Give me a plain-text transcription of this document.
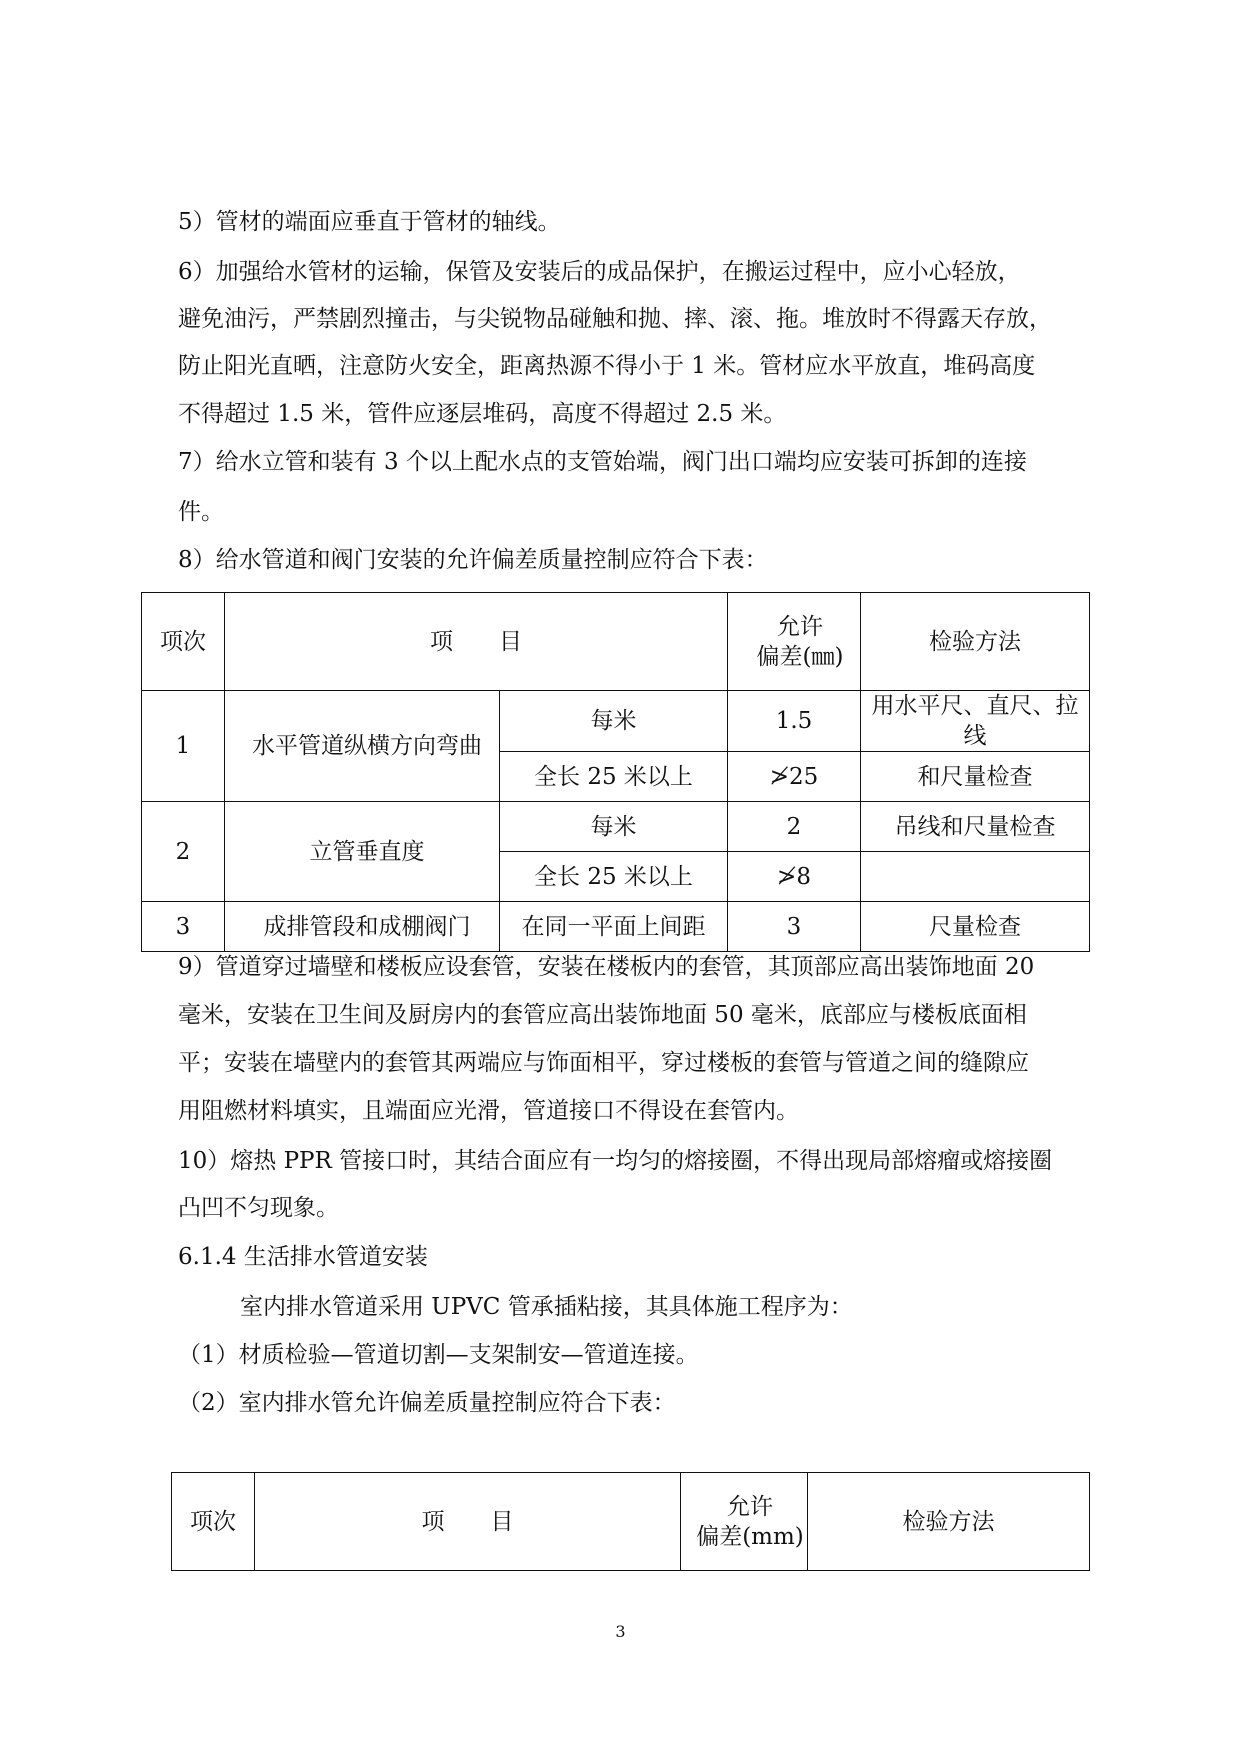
5）管材的端面应垂直于管材的轴线。
6）加强给水管材的运输，保管及安装后的成品保护，在搬运过程中，应小心轻放，
避免油污，严禁剧烈撞击，与尖锐物品碰触和抛、摔、滚、拖。堆放时不得露天存放，
防止阳光直晒，注意防火安全，距离热源不得小于 1 米。管材应水平放直，堆码高度
不得超过 1.5 米，管件应逐层堆码，高度不得超过 2.5 米。
7）给水立管和装有 3 个以上配水点的支管始端，阀门出口端均应安装可拆卸的连接
件。
8）给水管道和阀门安装的允许偏差质量控制应符合下表：
项次	项　　目		允许
偏差(㎜)	检验方法
1	水平管道纵横方向弯曲	每米	1.5	用水平尺、直尺、拉线
		全长 25 米以上	≯25	和尺量检查
2	立管垂直度	每米	2	吊线和尺量检查
		全长 25 米以上	≯8	
3	成排管段和成棚阀门	在同一平面上间距	3	尺量检查
9）管道穿过墙壁和楼板应设套管，安装在楼板内的套管，其顶部应高出装饰地面 20
毫米，安装在卫生间及厨房内的套管应高出装饰地面 50 毫米，底部应与楼板底面相
平；安装在墙壁内的套管其两端应与饰面相平，穿过楼板的套管与管道之间的缝隙应
用阻燃材料填实，且端面应光滑，管道接口不得设在套管内。
10）熔热 PPR 管接口时，其结合面应有一均匀的熔接圈，不得出现局部熔瘤或熔接圈
凸凹不匀现象。
6.1.4 生活排水管道安装
室内排水管道采用 UPVC 管承插粘接，其具体施工程序为：
（1）材质检验—管道切割—支架制安—管道连接。
（2）室内排水管允许偏差质量控制应符合下表：
项次	项　　目	允许
偏差(mm)	检验方法
3
